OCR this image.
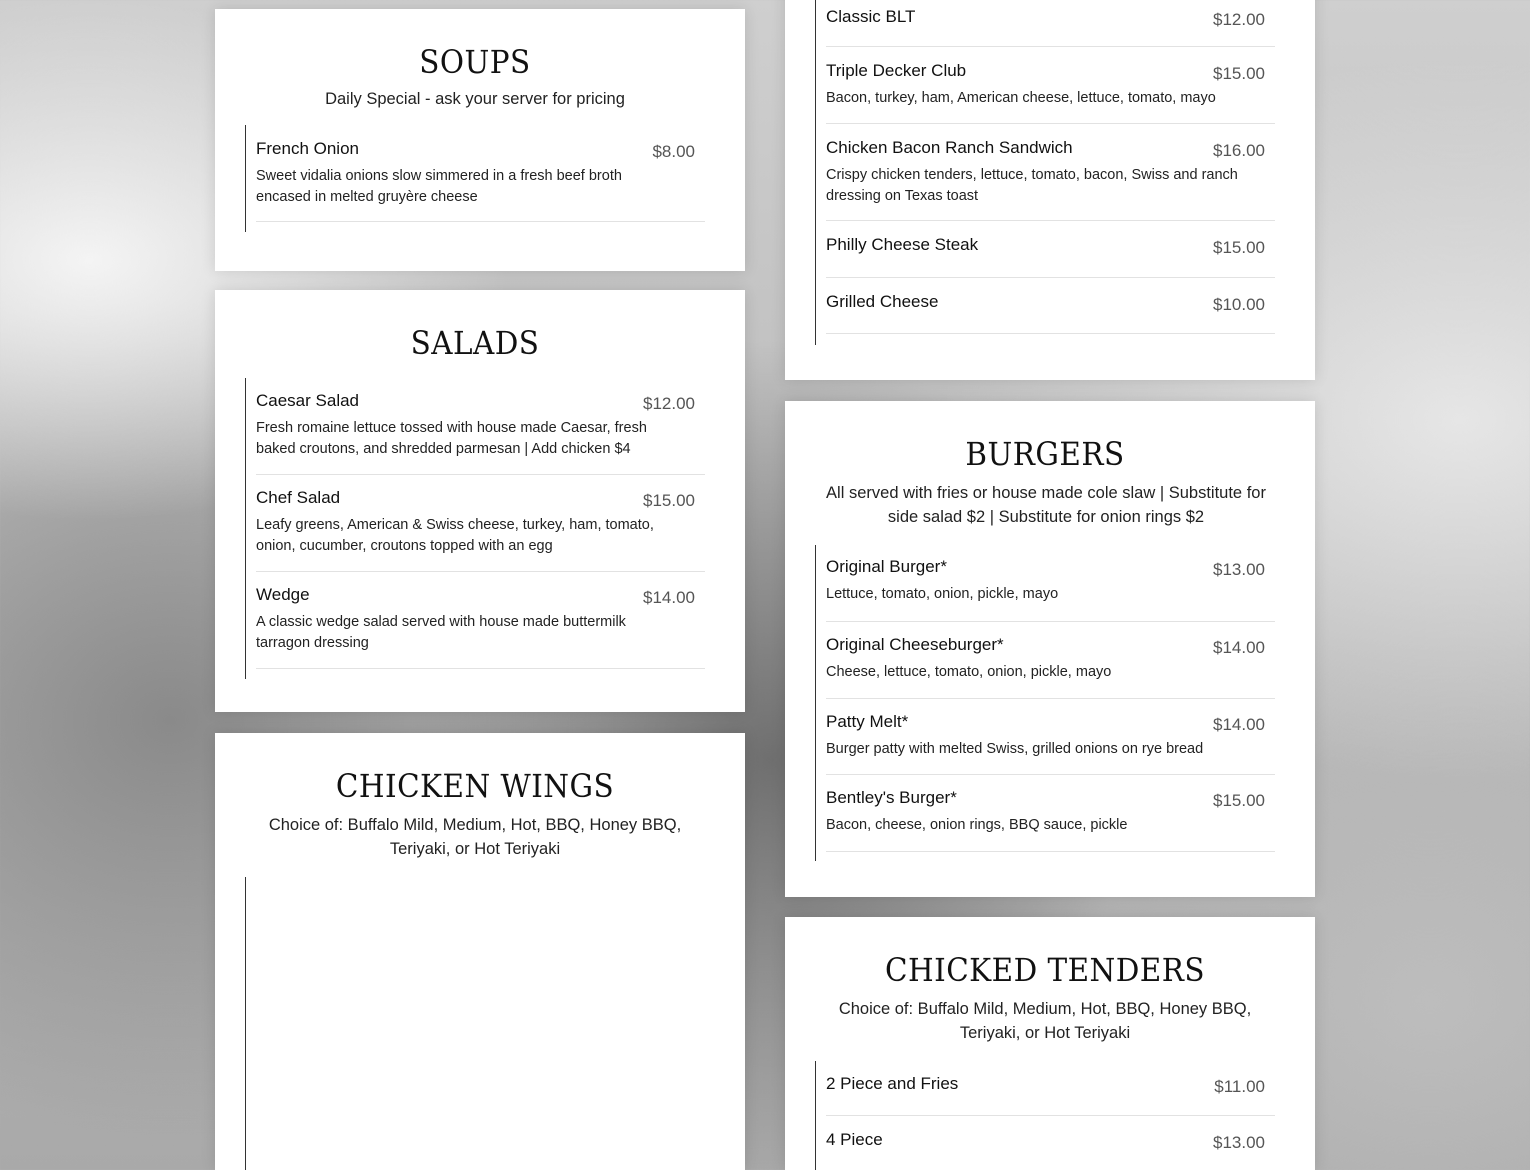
SOUPS

Daily Special - ask your server for pricing

French Onion	$8.00

Sweet vidalia onions slow simmered in a fresh beef broth encased in melted gruyère cheese

SALADS
Caesar Salad	$12.00

Fresh romaine lettuce tossed with house made Caesar, fresh baked croutons, and shredded parmesan | Add chicken $4

Chef Salad	$15.00

Leafy greens, American & Swiss cheese, turkey, ham, tomato, onion, cucumber, croutons topped with an egg

Wedge	$14.00

A classic wedge salad served with house made buttermilk tarragon dressing

CHICKEN WINGS

Choice of: Buffalo Mild, Medium, Hot, BBQ, Honey BBQ, Teriyaki, or Hot Teriyaki

Classic BLT	$12.00
Triple Decker Club	$15.00

Bacon, turkey, ham, American cheese, lettuce, tomato, mayo

Chicken Bacon Ranch Sandwich	$16.00

Crispy chicken tenders, lettuce, tomato, bacon, Swiss and ranch dressing on Texas toast

Philly Cheese Steak	$15.00
Grilled Cheese	$10.00
BURGERS

All served with fries or house made cole slaw | Substitute for side salad $2 | Substitute for onion rings $2

Original Burger*	$13.00

Lettuce, tomato, onion, pickle, mayo

Original Cheeseburger*	$14.00

Cheese, lettuce, tomato, onion, pickle, mayo

Patty Melt*	$14.00

Burger patty with melted Swiss, grilled onions on rye bread

Bentley's Burger*	$15.00

Bacon, cheese, onion rings, BBQ sauce, pickle

CHICKED TENDERS

Choice of: Buffalo Mild, Medium, Hot, BBQ, Honey BBQ, Teriyaki, or Hot Teriyaki

2 Piece and Fries	$11.00
4 Piece	$13.00
